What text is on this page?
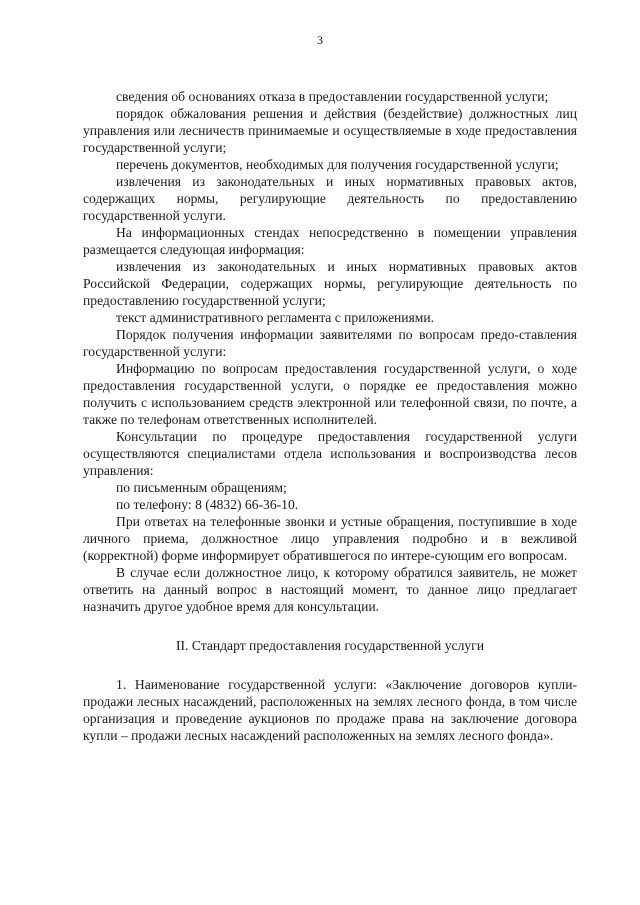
3

сведения об основаниях отказа в предоставлении государственной услуги;

порядок обжалования решения и действия (бездействие) должностных лиц управления или лесничеств принимаемые и осуществляемые в ходе предоставления государственной услуги;

перечень документов, необходимых для получения государственной услуги;

извлечения из законодательных и иных нормативных правовых актов, содержащих нормы, регулирующие деятельность по предоставлению государственной услуги.

На информационных стендах непосредственно в помещении управления размещается следующая информация:

извлечения из законодательных и иных нормативных правовых актов Российской Федерации, содержащих нормы, регулирующие деятельность по предоставлению государственной услуги;

текст административного регламента с приложениями.

Порядок получения информации заявителями по вопросам предо-ставления государственной услуги:

Информацию по вопросам предоставления государственной услуги, о ходе предоставления государственной услуги, о порядке ее предоставления можно получить с использованием средств электронной или телефонной связи, по почте, а также по телефонам ответственных исполнителей.

Консультации по процедуре предоставления государственной услуги осуществляются специалистами отдела использования и воспроизводства лесов управления:

по письменным обращениям;

по телефону: 8 (4832) 66-36-10.

При ответах на телефонные звонки и устные обращения, поступившие в ходе личного приема, должностное лицо управления подробно и в вежливой (корректной) форме информирует обратившегося по интере-сующим его вопросам.

В случае если должностное лицо, к которому обратился заявитель, не может ответить на данный вопрос в настоящий момент, то данное лицо предлагает назначить другое удобное время для консультации.

II. Стандарт предоставления государственной услуги

1. Наименование государственной услуги: «Заключение договоров купли-продажи лесных насаждений, расположенных на землях лесного фонда, в том числе организация и проведение аукционов по продаже права на заключение договора купли – продажи лесных насаждений расположенных на землях лесного фонда».
